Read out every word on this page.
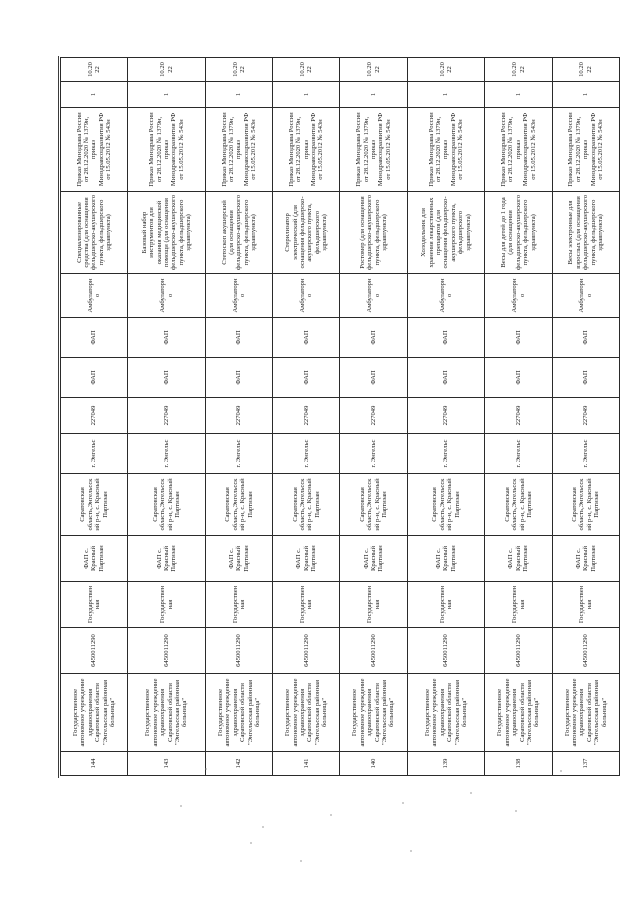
144	Государственное автономное учреждение здравоохранения Саратовской области "Энгельсская районная больница"	6450011290	Государственная	ФАП с. Красный Партизан	Саратовская область,Энгельсский р-н, с. Красный Партизан	г. Энгельс	227049	ФАП	ФАП	Амбулаторно	Специализированные средства (для оснащения фельдшерско-акушерского пункта, фельдшерского здравпункта)	Приказ Минздрава России от 28.12.2020 № 1379н, приказ Минздравсоцразвития РФ от 15.05.2012 № 543н	1	10.2022
143	Государственное автономное учреждение здравоохранения Саратовской области "Энгельсская районная больница"	6450011290	Государственная	ФАП с. Красный Партизан	Саратовская область,Энгельсский р-н, с. Красный Партизан	г. Энгельс	227049	ФАП	ФАП	Амбулаторно	Базовый набор инструментов для оказания медицинской помощи (для оснащения фельдшерско-акушерского пункта, фельдшерского здравпункта)	Приказ Минздрава России от 28.12.2020 № 1379н, приказ Минздравсоцразвития РФ от 15.05.2012 № 543н	1	10.2022
142	Государственное автономное учреждение здравоохранения Саратовской области "Энгельсская районная больница"	6450011290	Государственная	ФАП с. Красный Партизан	Саратовская область,Энгельсский р-н, с. Красный Партизан	г. Энгельс	227049	ФАП	ФАП	Амбулаторно	Стетоскоп акушерский (для оснащения фельдшерско-акушерского пункта, фельдшерского здравпункта)	Приказ Минздрава России от 28.12.2020 № 1379н, приказ Минздравсоцразвития РФ от 15.05.2012 № 543н	1	10.2022
141	Государственное автономное учреждение здравоохранения Саратовской области "Энгельсская районная больница"	6450011290	Государственная	ФАП с. Красный Партизан	Саратовская область,Энгельсский р-н, с. Красный Партизан	г. Энгельс	227049	ФАП	ФАП	Амбулаторно	Стерилизатор электрический (для оснащения фельдшерско-акушерского пункта, фельдшерского здравпункта)	Приказ Минздрава России от 28.12.2020 № 1379н, приказ Минздравсоцразвития РФ от 15.05.2012 № 543н	1	10.2022
140	Государственное автономное учреждение здравоохранения Саратовской области "Энгельсская районная больница"	6450011290	Государственная	ФАП с. Красный Партизан	Саратовская область,Энгельсский р-н, с. Красный Партизан	г. Энгельс	227049	ФАП	ФАП	Амбулаторно	Ростомер (для оснащения фельдшерско-акушерского пункта, фельдшерского здравпункта)	Приказ Минздрава России от 28.12.2020 № 1379н, приказ Минздравсоцразвития РФ от 15.05.2012 № 543н	1	10.2022
139	Государственное автономное учреждение здравоохранения Саратовской области "Энгельсская районная больница"	6450011290	Государственная	ФАП с. Красный Партизан	Саратовская область,Энгельсский р-н, с. Красный Партизан	г. Энгельс	227049	ФАП	ФАП	Амбулаторно	Холодильник для хранения лекарственных препаратов (для оснащения фельдшерско-акушерского пункта, фельдшерского здравпункта)	Приказ Минздрава России от 28.12.2020 № 1379н, приказ Минздравсоцразвития РФ от 15.05.2012 № 543н	1	10.2022
138	Государственное автономное учреждение здравоохранения Саратовской области "Энгельсская районная больница"	6450011290	Государственная	ФАП с. Красный Партизан	Саратовская область,Энгельсский р-н, с. Красный Партизан	г. Энгельс	227049	ФАП	ФАП	Амбулаторно	Весы для детей до 1 года (для оснащения фельдшерско-акушерского пункта, фельдшерского здравпункта)	Приказ Минздрава России от 28.12.2020 № 1379н, приказ Минздравсоцразвития РФ от 15.05.2012 № 543н	1	10.2022
137	Государственное автономное учреждение здравоохранения Саратовской области "Энгельсская районная больница"	6450011290	Государственная	ФАП с. Красный Партизан	Саратовская область,Энгельсский р-н, с. Красный Партизан	г. Энгельс	227049	ФАП	ФАП	Амбулаторно	Весы электронные для взрослых (для оснащения фельдшерско-акушерского пункта, фельдшерского здравпункта)	Приказ Минздрава России от 28.12.2020 № 1379н, приказ Минздравсоцразвития РФ от 15.05.2012 № 543н	1	10.2022
